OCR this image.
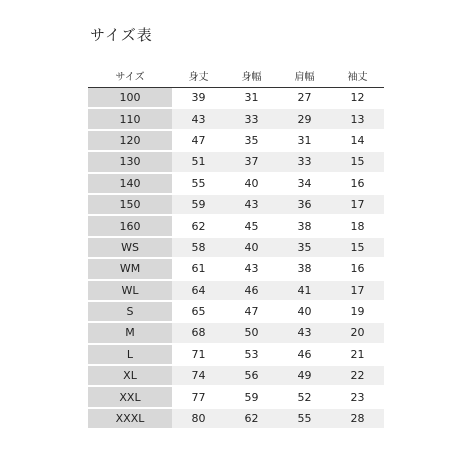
サイズ表
サイズ	身丈	身幅	肩幅	袖丈
100	39	31	27	12
110	43	33	29	13
120	47	35	31	14
130	51	37	33	15
140	55	40	34	16
150	59	43	36	17
160	62	45	38	18
WS	58	40	35	15
WM	61	43	38	16
WL	64	46	41	17
S	65	47	40	19
M	68	50	43	20
L	71	53	46	21
XL	74	56	49	22
XXL	77	59	52	23
XXXL	80	62	55	28
